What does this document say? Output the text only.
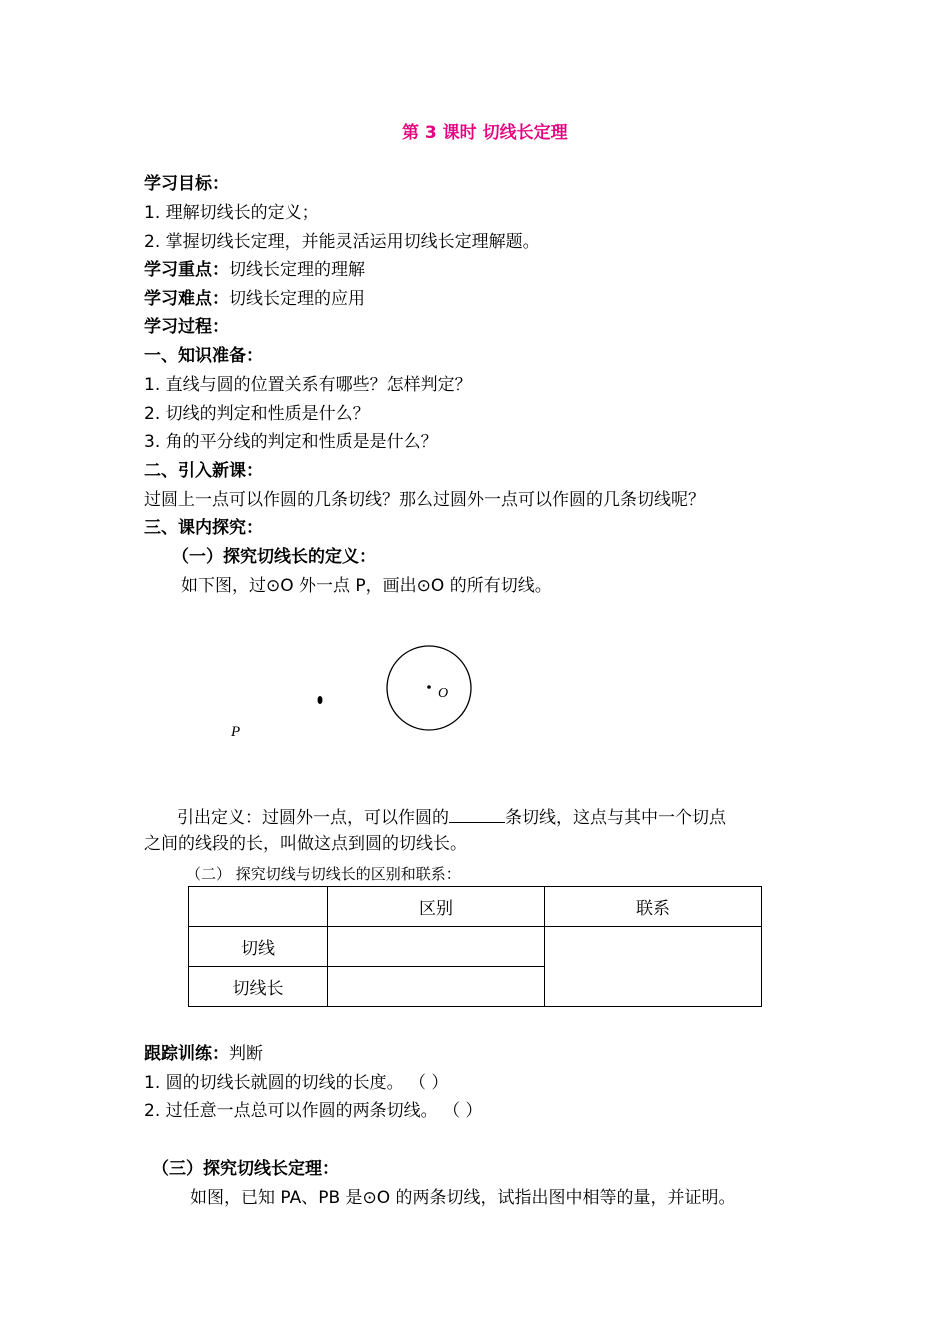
第 3 课时 切线长定理
学习目标：
1. 理解切线长的定义；
2. 掌握切线长定理，并能灵活运用切线长定理解题。
学习重点：切线长定理的理解
学习难点：切线长定理的应用
学习过程：
一、知识准备：
1. 直线与圆的位置关系有哪些？怎样判定？
2. 切线的判定和性质是什么？
3. 角的平分线的判定和性质是是什么？
二、引入新课：
过圆上一点可以作圆的几条切线？那么过圆外一点可以作圆的几条切线呢？
三、课内探究：
（一）探究切线长的定义：
如下图，过⊙O 外一点 P，画出⊙O 的所有切线。
P
O
引出定义：过圆外一点，可以作圆的	条切线，这点与其中一个切点
之间的线段的长，叫做这点到圆的切线长。
（二） 探究切线与切线长的区别和联系：
	区别	联系
切线		
切线长		
跟踪训练：判断
1. 圆的切线长就圆的切线的长度。 （ ）
2. 过任意一点总可以作圆的两条切线。 （ ）
（三）探究切线长定理：
如图，已知 PA、PB 是⊙O 的两条切线，试指出图中相等的量，并证明。
